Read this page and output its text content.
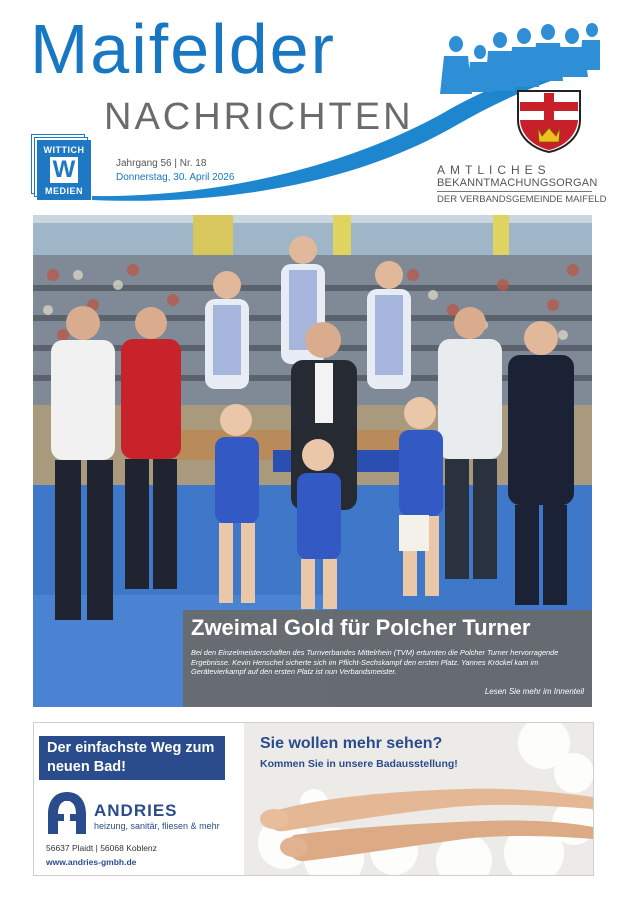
Maifelder
NACHRICHTEN
WITTICH
W
MEDIEN
Jahrgang 56 | Nr. 18
Donnerstag, 30. April 2026
AMTLICHES
BEKANNTMACHUNGSORGAN
DER VERBANDSGEMEINDE MAIFELD
Zweimal Gold für Polcher Turner
Bei den Einzelmeisterschaften des Turnverbandes Mittelrhein (TVM) erturnten die Polcher Turner hervorragende Ergebnisse. Kevin Henschel sicherte sich im Pflicht-Sechskampf den ersten Platz. Yannes Kröckel kam im Gerätevierkampf auf den ersten Platz ist nun Verbandsmeister.
Lesen Sie mehr im Innenteil
Der einfachste Weg zum neuen Bad!
ANDRIES
heizung, sanitär, fliesen & mehr
56637 Plaidt | 56068 Koblenz
www.andries-gmbh.de
Sie wollen mehr sehen?
Kommen Sie in unsere Badausstellung!
